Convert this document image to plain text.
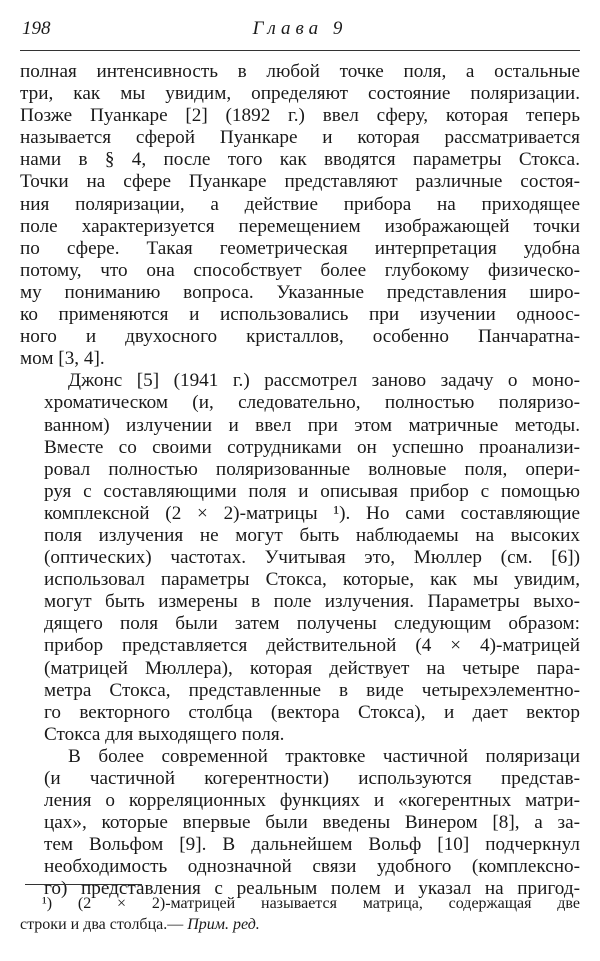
198	Глава 9

полная интенсивность в любой точке поля, а остальные
три, как мы увидим, определяют состояние поляризации.
Позже Пуанкаре [2] (1892 г.) ввел сферу, которая теперь
называется сферой Пуанкаре и которая рассматривается
нами в § 4, после того как вводятся параметры Стокса.
Точки на сфере Пуанкаре представляют различные состоя-
ния поляризации, а действие прибора на приходящее
поле характеризуется перемещением изображающей точки
по сфере. Такая геометрическая интерпретация удобна
потому, что она способствует более глубокому физическо-
му пониманию вопроса. Указанные представления широ-
ко применяются и использовались при изучении одноос-
ного и двухосного кристаллов, особенно Панчаратна-
мом [3, 4].

Джонс [5] (1941 г.) рассмотрел заново задачу о моно-
хроматическом (и, следовательно, полностью поляризо-
ванном) излучении и ввел при этом матричные методы.
Вместе со своими сотрудниками он успешно проанализи-
ровал полностью поляризованные волновые поля, опери-
руя с составляющими поля и описывая прибор с помощью
комплексной (2 × 2)-матрицы ¹). Но сами составляющие
поля излучения не могут быть наблюдаемы на высоких
(оптических) частотах. Учитывая это, Мюллер (см. [6])
использовал параметры Стокса, которые, как мы увидим,
могут быть измерены в поле излучения. Параметры выхо-
дящего поля были затем получены следующим образом:
прибор представляется действительной (4 × 4)-матрицей
(матрицей Мюллера), которая действует на четыре пара-
метра Стокса, представленные в виде четырехэлементно-
го векторного столбца (вектора Стокса), и дает вектор
Стокса для выходящего поля.

В более современной трактовке частичной поляризаци
(и частичной когерентности) используются представ-
ления о корреляционных функциях и «когерентных матри-
цах», которые впервые были введены Винером [8], а за-
тем Вольфом [9]. В дальнейшем Вольф [10] подчеркнул
необходимость однозначной связи удобного (комплексно-
го) представления с реальным полем и указал на пригод-

¹) (2 × 2)-матрицей называется матрица, содержащая две
строки и два столбца.— Прим. ред.
